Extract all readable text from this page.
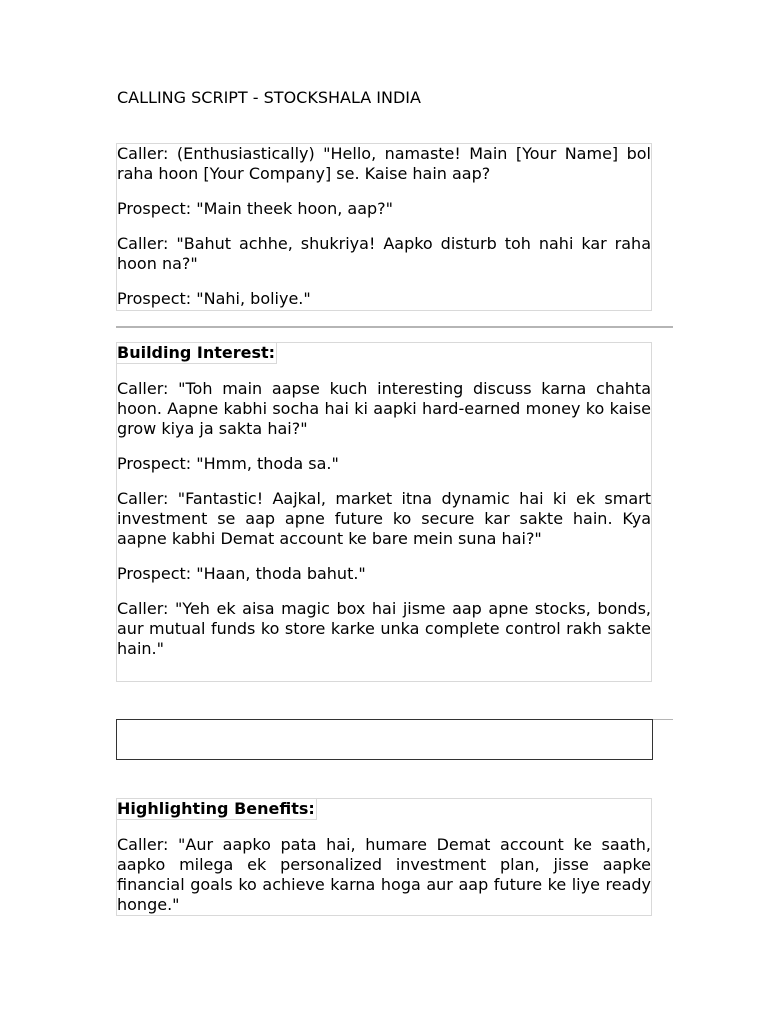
CALLING SCRIPT - STOCKSHALA INDIA

Caller: (Enthusiastically) "Hello, namaste! Main [Your Name] bol raha hoon [Your Company] se. Kaise hain aap?

Prospect: "Main theek hoon, aap?"

Caller: "Bahut achhe, shukriya! Aapko disturb toh nahi kar raha hoon na?"

Prospect: "Nahi, boliye."

Building Interest:

Caller: "Toh main aapse kuch interesting discuss karna chahta hoon. Aapne kabhi socha hai ki aapki hard-earned money ko kaise grow kiya ja sakta hai?"

Prospect: "Hmm, thoda sa."

Caller: "Fantastic! Aajkal, market itna dynamic hai ki ek smart investment se aap apne future ko secure kar sakte hain. Kya aapne kabhi Demat account ke bare mein suna hai?"

Prospect: "Haan, thoda bahut."

Caller: "Yeh ek aisa magic box hai jisme aap apne stocks, bonds, aur mutual funds ko store karke unka complete control rakh sakte hain."

Highlighting Benefits:

Caller: "Aur aapko pata hai, humare Demat account ke saath, aapko milega ek personalized investment plan, jisse aapke financial goals ko achieve karna hoga aur aap future ke liye ready honge."
